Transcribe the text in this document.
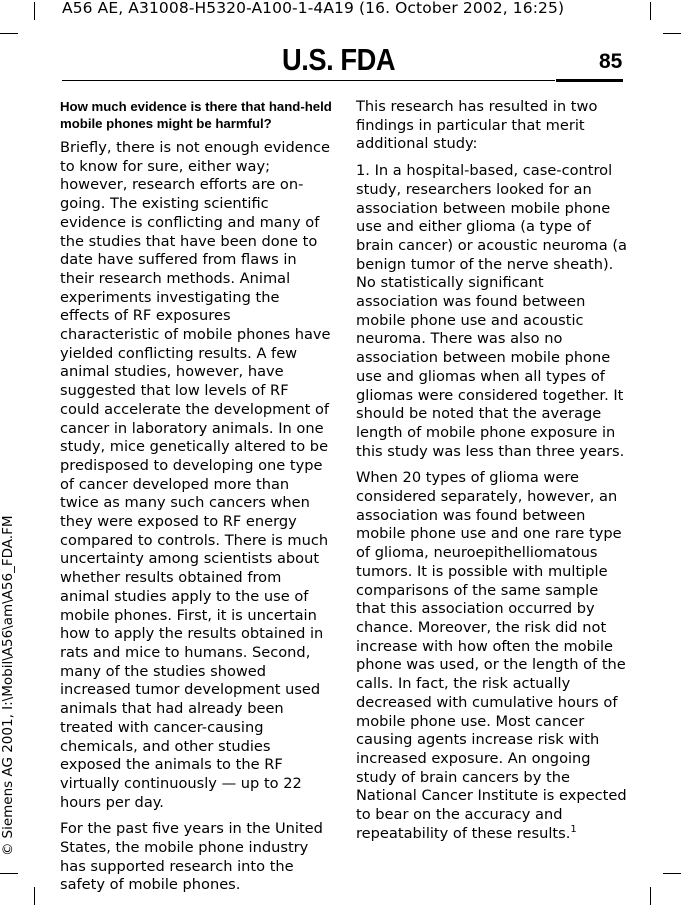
A56 AE, A31008-H5320-A100-1-4A19 (16. October 2002, 16:25)
©Siemens AG 2001, I:\Mobil\A56\am\A56_FDA.FM
U.S. FDA	85

How much evidence is there that hand-held mobile phones might be harmful?

Briefly, there is not enough evidence to know for sure, either way; however, research efforts are on-going. The existing scientific evidence is conflicting and many of the studies that have been done to date have suffered from flaws in their research methods. Animal experiments investigating the effects of RF exposures characteristic of mobile phones have yielded conflicting results. A few animal studies, however, have suggested that low levels of RF could accelerate the development of cancer in laboratory animals. In one study, mice genetically altered to be predisposed to developing one type of cancer developed more than twice as many such cancers when they were exposed to RF energy compared to controls. There is much uncertainty among scientists about whether results obtained from animal studies apply to the use of mobile phones. First, it is uncertain how to apply the results obtained in rats and mice to humans. Second, many of the studies showed increased tumor development used animals that had already been treated with cancer-causing chemicals, and other studies exposed the animals to the RF virtually continuously — up to 22 hours per day.

For the past five years in the United States, the mobile phone industry has supported research into the safety of mobile phones.

This research has resulted in two findings in particular that merit additional study:

1. In a hospital-based, case-control study, researchers looked for an association between mobile phone use and either glioma (a type of brain cancer) or acoustic neuroma (a benign tumor of the nerve sheath). No statistically significant association was found between mobile phone use and acoustic neuroma. There was also no association between mobile phone use and gliomas when all types of gliomas were considered together. It should be noted that the average length of mobile phone exposure in this study was less than three years.

When 20 types of glioma were considered separately, however, an association was found between mobile phone use and one rare type of glioma, neuroepithelliomatous tumors. It is possible with multiple comparisons of the same sample that this association occurred by chance. Moreover, the risk did not increase with how often the mobile phone was used, or the length of the calls. In fact, the risk actually decreased with cumulative hours of mobile phone use. Most cancer causing agents increase risk with increased exposure. An ongoing study of brain cancers by the National Cancer Institute is expected to bear on the accuracy and repeatability of these results.$^1$
